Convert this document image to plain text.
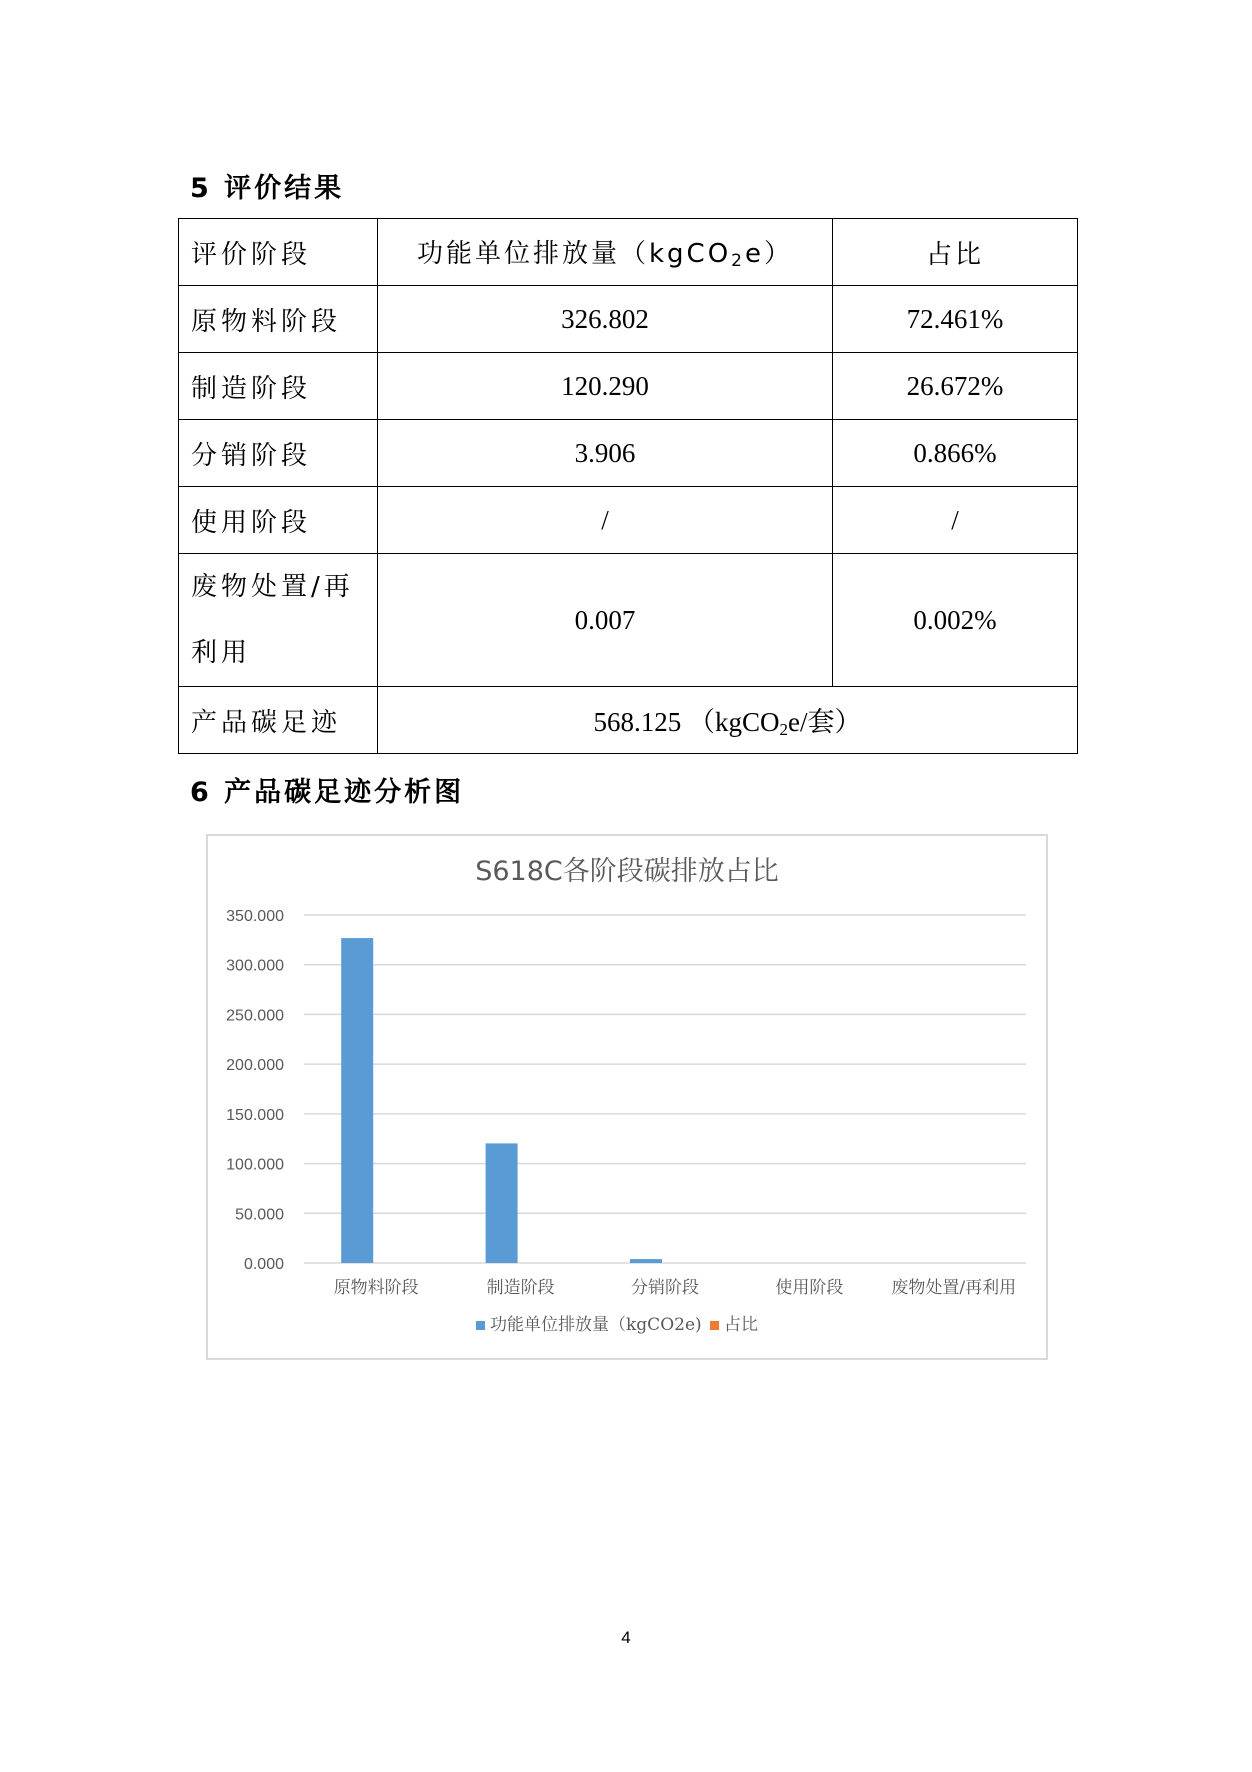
5 评价结果
评价阶段	功能单位排放量（kgCO$_2$e）	占比
原物料阶段	326.802	72.461%
制造阶段	120.290	26.672%
分销阶段	3.906	0.866%
使用阶段	/	/

废物处置/再
利用	0.007	0.002%
产品碳足迹	568.125 （kgCO$_2$e/套）	
6 产品碳足迹分析图
S618C各阶段碳排放占比
0.000
50.000
100.000
150.000
200.000
250.000
300.000
350.000
原物料阶段	制造阶段	分销阶段	使用阶段	废物处置/再利用
功能单位排放量（kgCO2e) 占比
4
